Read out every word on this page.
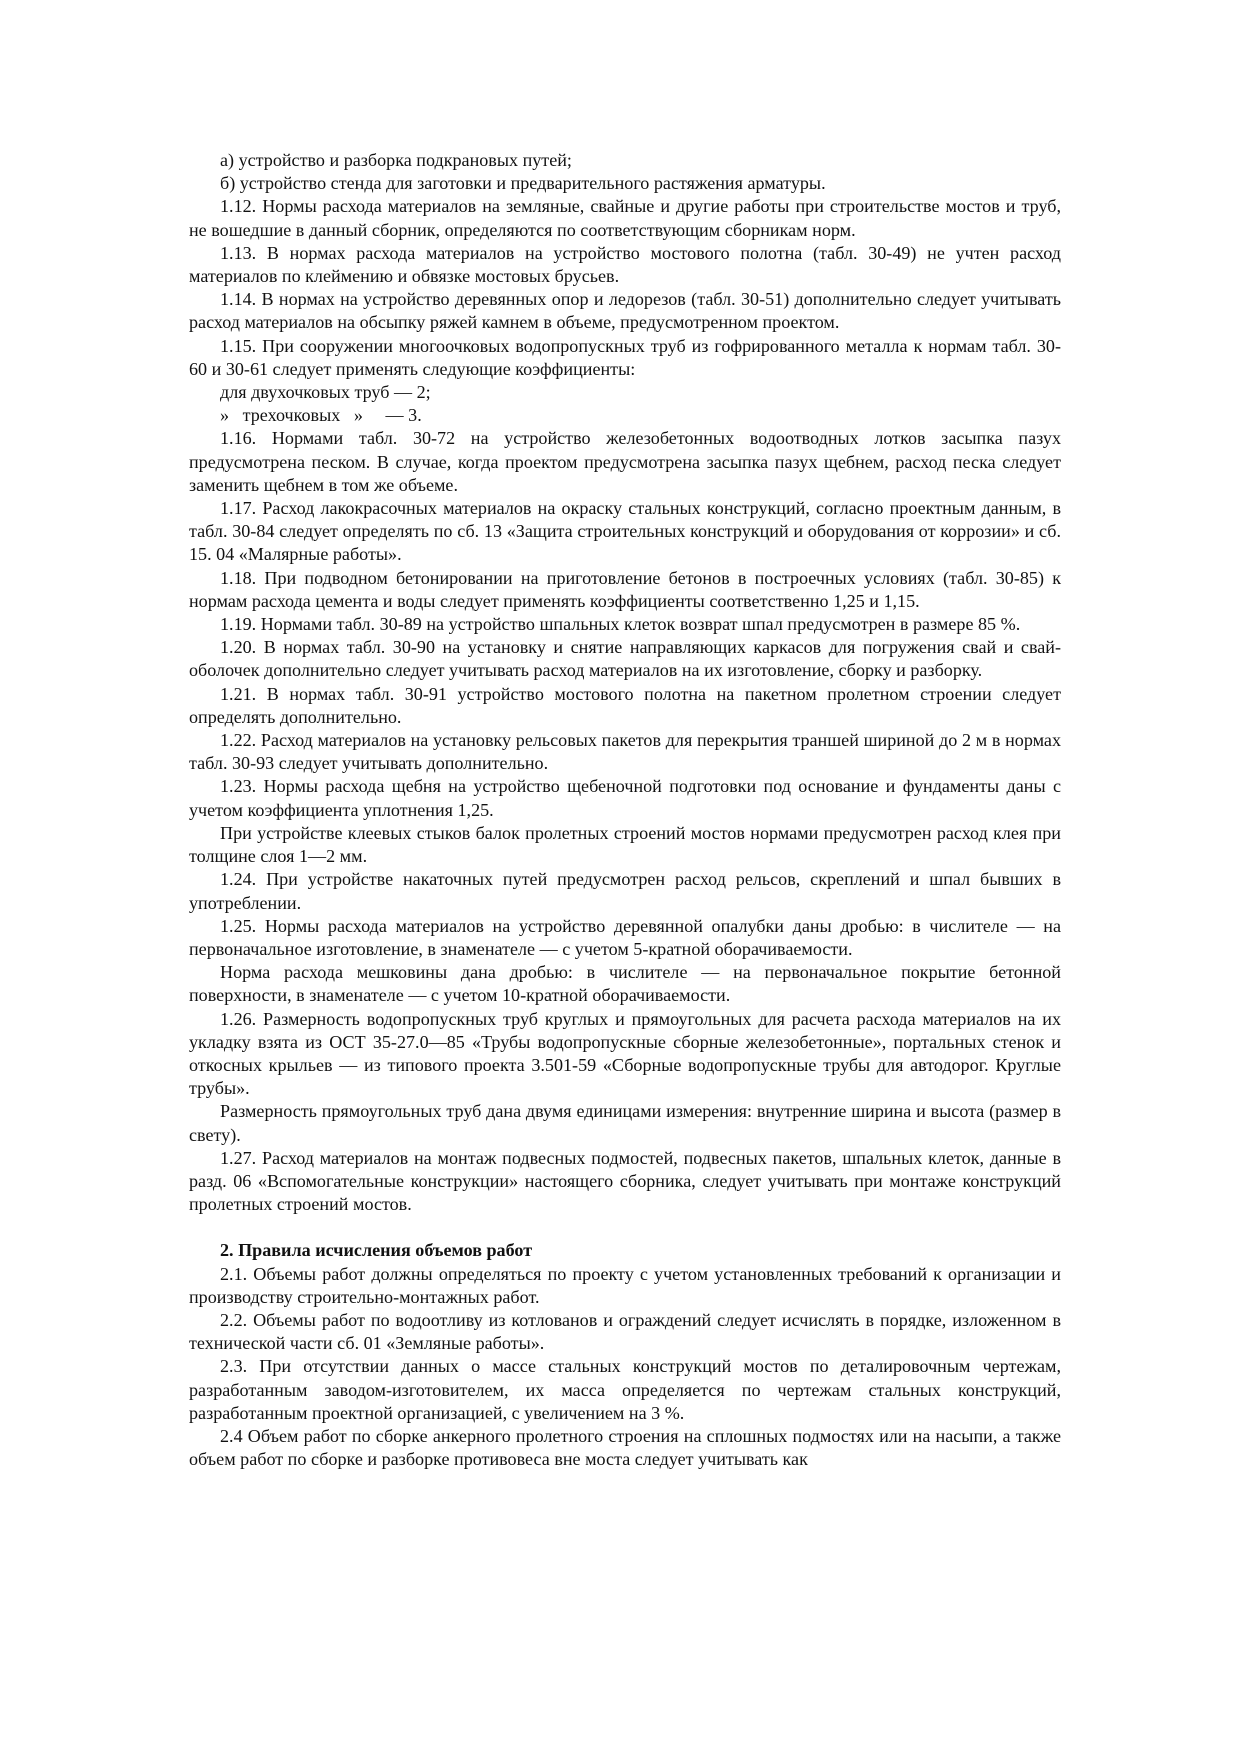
а) устройство и разборка подкрановых путей;

б) устройство стенда для заготовки и предварительного растяжения арматуры.

1.12. Нормы расхода материалов на земляные, свайные и другие работы при строительстве мостов и труб, не вошедшие в данный сборник, определяются по соответствующим сборникам норм.

1.13. В нормах расхода материалов на устройство мостового полотна (табл. 30-49) не учтен расход материалов по клеймению и обвязке мостовых брусьев.

1.14. В нормах на устройство деревянных опор и ледорезов (табл. 30-51) дополнительно следует учитывать расход материалов на обсыпку ряжей камнем в объеме, предусмотренном проектом.

1.15. При сооружении многоочковых водопропускных труб из гофрированного металла к нормам табл. 30-60 и 30-61 следует применять следующие коэффициенты:

для двухочковых труб — 2;

» трехочковых » — 3.

1.16. Нормами табл. 30-72 на устройство железобетонных водоотводных лотков засыпка пазух предусмотрена песком. В случае, когда проектом предусмотрена засыпка пазух щебнем, расход песка следует заменить щебнем в том же объеме.

1.17. Расход лакокрасочных материалов на окраску стальных конструкций, согласно проектным данным, в табл. 30-84 следует определять по сб. 13 «Защита строительных конструкций и оборудования от коррозии» и сб. 15. 04 «Малярные работы».

1.18. При подводном бетонировании на приготовление бетонов в построечных условиях (табл. 30-85) к нормам расхода цемента и воды следует применять коэффициенты соответственно 1,25 и 1,15.

1.19. Нормами табл. 30-89 на устройство шпальных клеток возврат шпал предусмотрен в размере 85 %.

1.20. В нормах табл. 30-90 на установку и снятие направляющих каркасов для погружения свай и свай-оболочек дополнительно следует учитывать расход материалов на их изготовление, сборку и разборку.

1.21. В нормах табл. 30-91 устройство мостового полотна на пакетном пролетном строении следует определять дополнительно.

1.22. Расход материалов на установку рельсовых пакетов для перекрытия траншей шириной до 2 м в нормах табл. 30-93 следует учитывать дополнительно.

1.23. Нормы расхода щебня на устройство щебеночной подготовки под основание и фундаменты даны с учетом коэффициента уплотнения 1,25.

При устройстве клеевых стыков балок пролетных строений мостов нормами предусмотрен расход клея при толщине слоя 1—2 мм.

1.24. При устройстве накаточных путей предусмотрен расход рельсов, скреплений и шпал бывших в употреблении.

1.25. Нормы расхода материалов на устройство деревянной опалубки даны дробью: в числителе — на первоначальное изготовление, в знаменателе — с учетом 5-кратной оборачиваемости.

Норма расхода мешковины дана дробью: в числителе — на первоначальное покрытие бетонной поверхности, в знаменателе — с учетом 10-кратной оборачиваемости.

1.26. Размерность водопропускных труб круглых и прямоугольных для расчета расхода материалов на их укладку взята из ОСТ 35-27.0—85 «Трубы водопропускные сборные железобетонные», портальных стенок и откосных крыльев — из типового проекта 3.501-59 «Сборные водопропускные трубы для автодорог. Круглые трубы».

Размерность прямоугольных труб дана двумя единицами измерения: внутренние ширина и высота (размер в свету).

1.27. Расход материалов на монтаж подвесных подмостей, подвесных пакетов, шпальных клеток, данные в разд. 06 «Вспомогательные конструкции» настоящего сборника, следует учитывать при монтаже конструкций пролетных строений мостов.

2. Правила исчисления объемов работ

2.1. Объемы работ должны определяться по проекту с учетом установленных требований к организации и производству строительно-монтажных работ.

2.2. Объемы работ по водоотливу из котлованов и ограждений следует исчислять в порядке, изложенном в технической части сб. 01 «Земляные работы».

2.3. При отсутствии данных о массе стальных конструкций мостов по деталировочным чертежам, разработанным заводом-изготовителем, их масса определяется по чертежам стальных конструкций, разработанным проектной организацией, с увеличением на 3 %.

2.4 Объем работ по сборке анкерного пролетного строения на сплошных подмостях или на насыпи, а также объем работ по сборке и разборке противовеса вне моста следует учитывать как
